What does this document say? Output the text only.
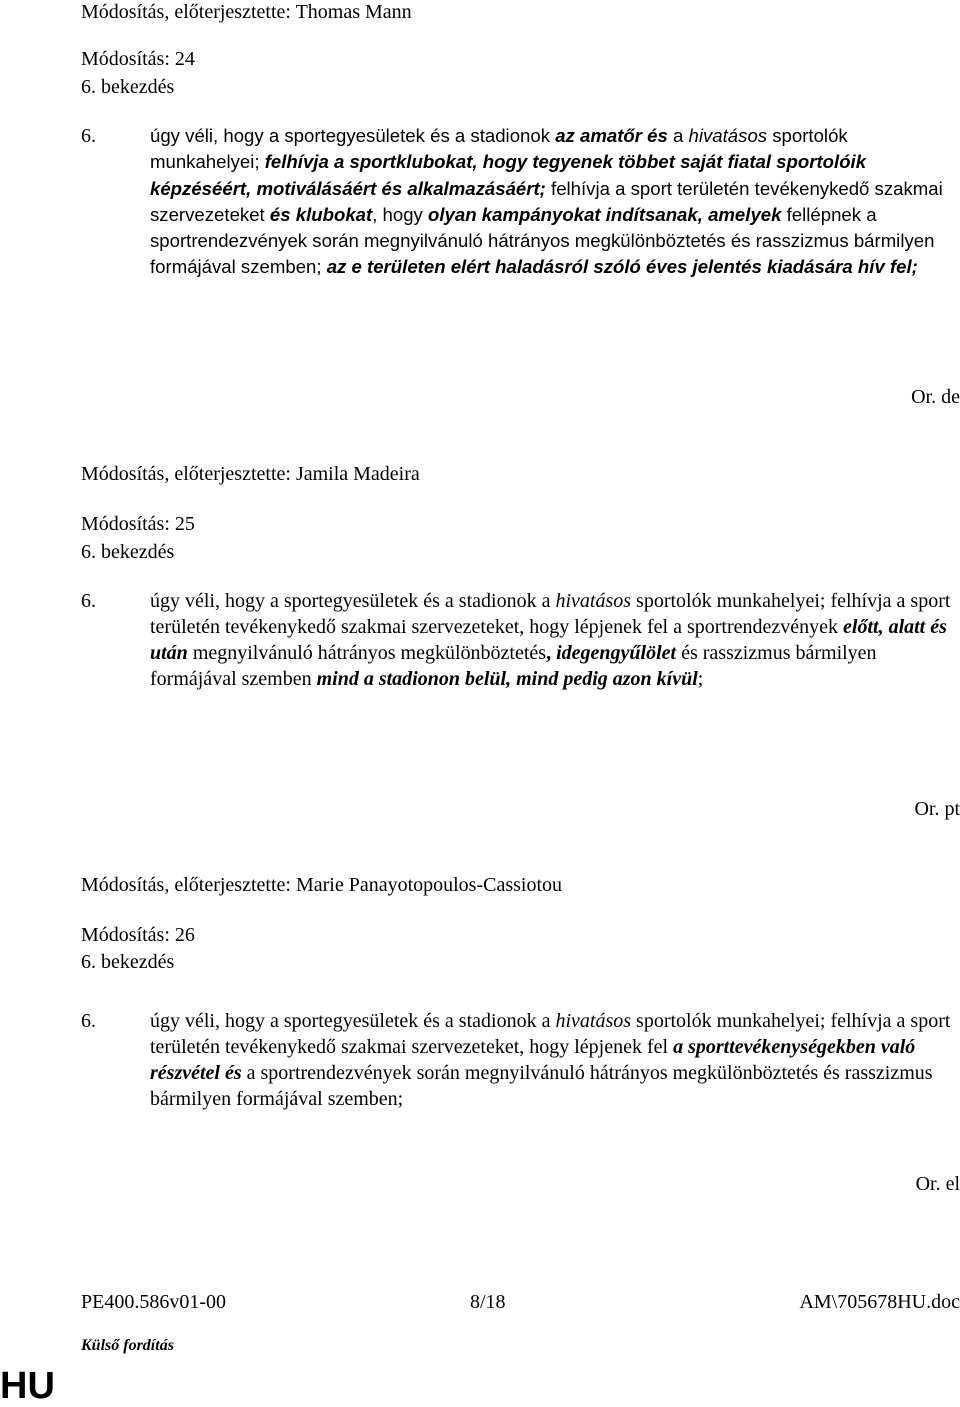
Módosítás, előterjesztette: Thomas Mann
Módosítás: 24
6. bekezdés
6.	úgy véli, hogy a sportegyesületek és a stadionok az amatőr és a hivatásos sportolók munkahelyei; felhívja a sportklubokat, hogy tegyenek többet saját fiatal sportolóik képzéséért, motiválásáért és alkalmazásáért; felhívja a sport területén tevékenykedő szakmai szervezeteket és klubokat, hogy olyan kampányokat indítsanak, amelyek fellépnek a sportrendezvények során megnyilvánuló hátrányos megkülönböztetés és rasszizmus bármilyen formájával szemben; az e területen elért haladásról szóló éves jelentés kiadására hív fel;
Or. de
Módosítás, előterjesztette: Jamila Madeira
Módosítás: 25
6. bekezdés
6.	úgy véli, hogy a sportegyesületek és a stadionok a hivatásos sportolók munkahelyei; felhívja a sport területén tevékenykedő szakmai szervezeteket, hogy lépjenek fel a sportrendezvények előtt, alatt és után megnyilvánuló hátrányos megkülönböztetés, idegengyűlölet és rasszizmus bármilyen formájával szemben mind a stadionon belül, mind pedig azon kívül;
Or. pt
Módosítás, előterjesztette: Marie Panayotopoulos-Cassiotou
Módosítás: 26
6. bekezdés
6.	úgy véli, hogy a sportegyesületek és a stadionok a hivatásos sportolók munkahelyei; felhívja a sport területén tevékenykedő szakmai szervezeteket, hogy lépjenek fel a sporttevékenységekben való részvétel és a sportrendezvények során megnyilvánuló hátrányos megkülönböztetés és rasszizmus bármilyen formájával szemben;
Or. el
PE400.586v01-00	8/18	AM\705678HU.doc
Külső fordítás
HU
